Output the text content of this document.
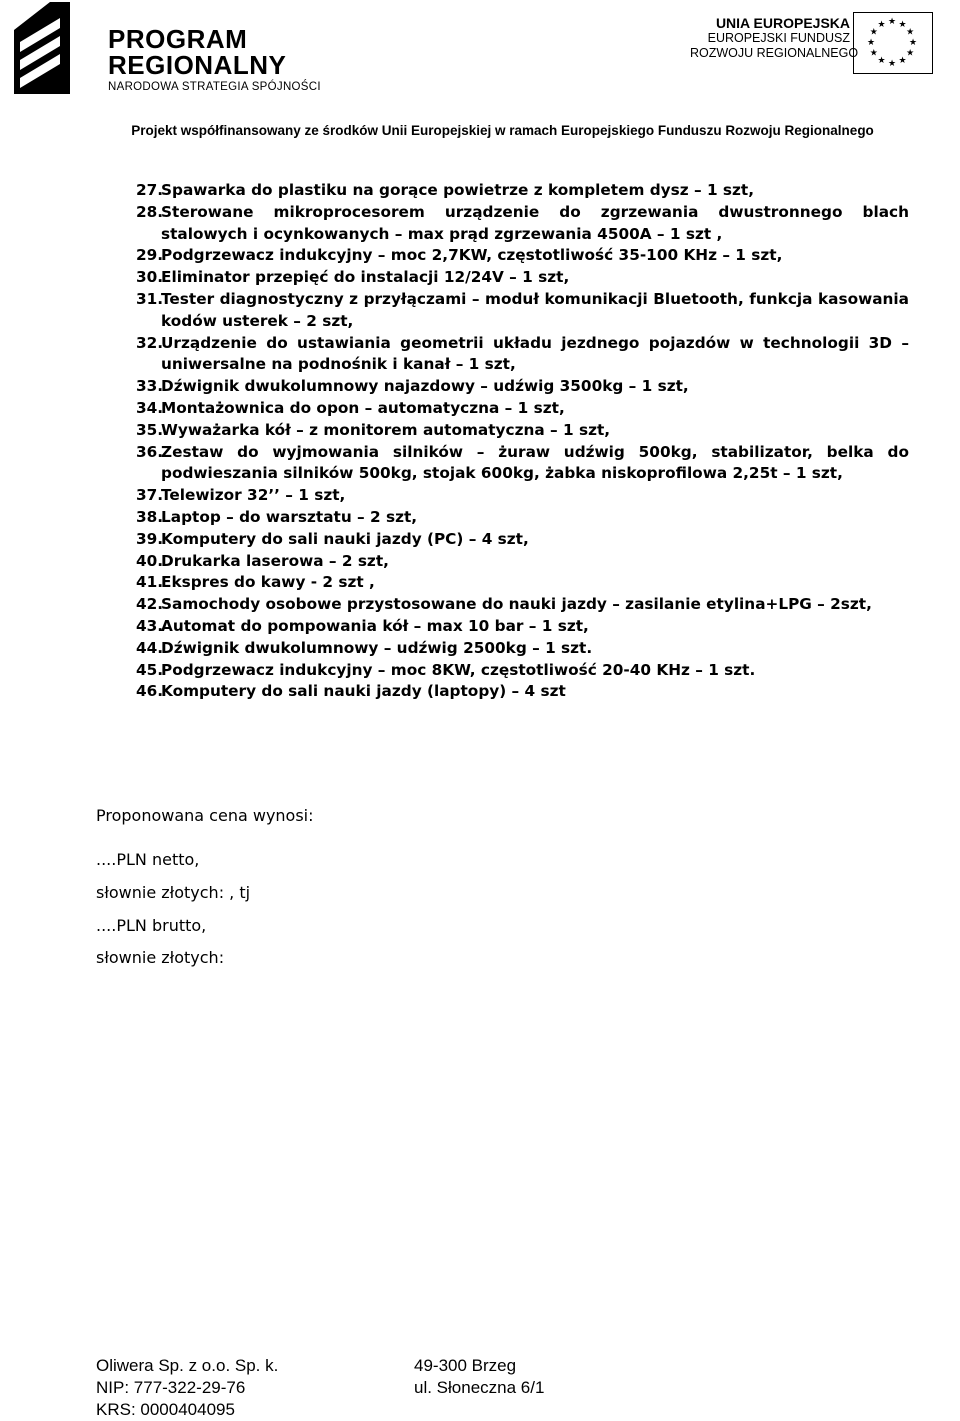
PROGRAM
REGIONALNY
NARODOWA STRATEGIA SPÓJNOŚCI
UNIA EUROPEJSKA
EUROPEJSKI FUNDUSZ
ROZWOJU REGIONALNEGO
★ ★
★
★
★
★
★
★
★
★
★
★
Projekt współfinansowany ze środków Unii Europejskiej w ramach Europejskiego Funduszu Rozwoju Regionalnego
27.
Spawarka do plastiku na gorące powietrze z kompletem dysz – 1 szt,
28.
Sterowane mikroprocesorem urządzenie do zgrzewania dwustronnego blach stalowych i ocynkowanych – max prąd zgrzewania 4500A – 1 szt ,
29.
Podgrzewacz indukcyjny – moc 2,7KW, częstotliwość 35-100 KHz – 1 szt,
30.
Eliminator przepięć do instalacji 12/24V – 1 szt,
31.
Tester diagnostyczny z przyłączami – moduł komunikacji Bluetooth, funkcja kasowania kodów usterek – 2 szt,
32.
Urządzenie do ustawiania geometrii układu jezdnego pojazdów w technologii 3D – uniwersalne na podnośnik i kanał – 1 szt,
33.
Dźwignik dwukolumnowy najazdowy – udźwig 3500kg – 1 szt,
34.
Montażownica do opon – automatyczna – 1 szt,
35.
Wyważarka kół – z monitorem automatyczna – 1 szt,
36.
Zestaw do wyjmowania silników – żuraw udźwig 500kg, stabilizator, belka do podwieszania silników 500kg, stojak 600kg, żabka niskoprofilowa 2,25t – 1 szt,
37.
Telewizor 32’’ – 1 szt,
38.
Laptop – do warsztatu – 2 szt,
39.
Komputery do sali nauki jazdy (PC) – 4 szt,
40.
Drukarka laserowa – 2 szt,
41.
Ekspres do kawy - 2 szt ,
42.
Samochody osobowe przystosowane do nauki jazdy – zasilanie etylina+LPG – 2szt,
43.
Automat do pompowania kół – max 10 bar – 1 szt,
44.
Dźwignik dwukolumnowy – udźwig 2500kg – 1 szt.
45.
Podgrzewacz indukcyjny – moc 8KW, częstotliwość 20-40 KHz – 1 szt.
46.
Komputery do sali nauki jazdy (laptopy) – 4 szt
Proponowana cena wynosi:
....PLN netto,
słownie złotych: , tj
....PLN brutto,
słownie złotych:
Oliwera Sp. z o.o. Sp. k.
NIP: 777-322-29-76
KRS: 0000404095
49-300 Brzeg
ul. Słoneczna 6/1
